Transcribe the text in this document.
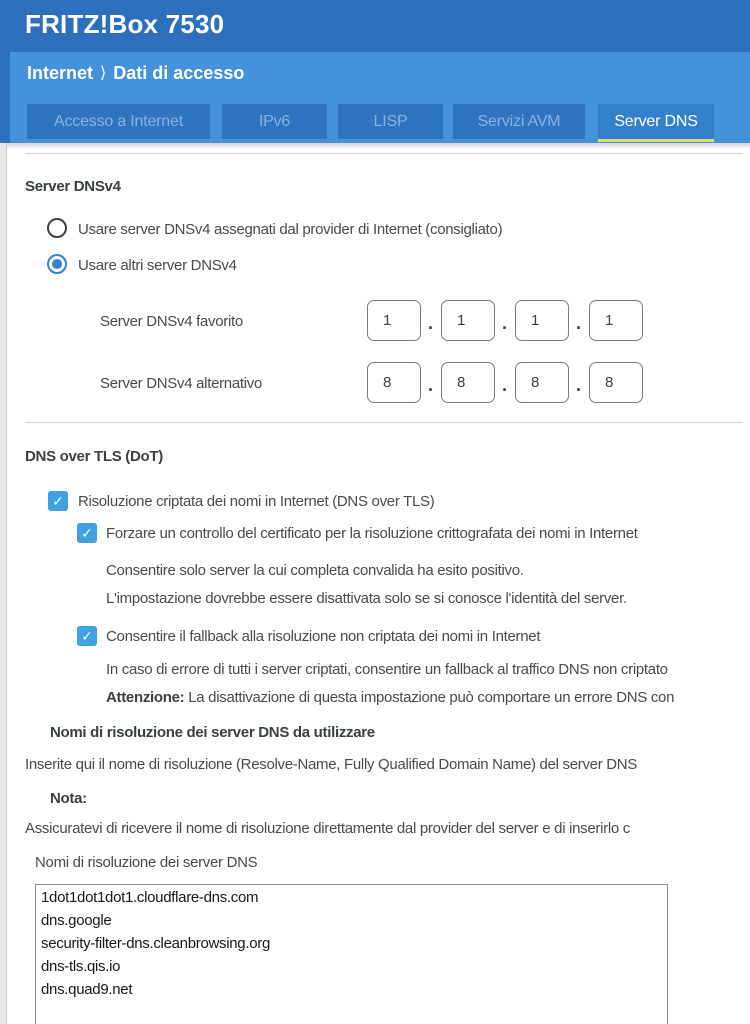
FRITZ!Box 7530
Internet ⟩ Dati di accesso
Accesso a Internet	IPv6	LISP	Servizi AVM	Server DNS
Server DNSv4
Usare server DNSv4 assegnati dal provider di Internet (consigliato)
Usare altri server DNSv4
Server DNSv4 favorito
1	.
1	.
1	.
1
Server DNSv4 alternativo
8	.
8	.
8	.
8
DNS over TLS (DoT)
✓ Risoluzione criptata dei nomi in Internet (DNS over TLS)
✓ Forzare un controllo del certificato per la risoluzione crittografata dei nomi in Internet
Consentire solo server la cui completa convalida ha esito positivo.
L'impostazione dovrebbe essere disattivata solo se si conosce l'identità del server.
✓ Consentire il fallback alla risoluzione non criptata dei nomi in Internet
In caso di errore di tutti i server criptati, consentire un fallback al traffico DNS non criptato
Attenzione: La disattivazione di questa impostazione può comportare un errore DNS con
Nomi di risoluzione dei server DNS da utilizzare
Inserite qui il nome di risoluzione (Resolve-Name, Fully Qualified Domain Name) del server DNS
Nota:
Assicuratevi di ricevere il nome di risoluzione direttamente dal provider del server e di inserirlo c
Nomi di risoluzione dei server DNS
1dot1dot1dot1.cloudflare-dns.com dns.google security-filter-dns.cleanbrowsing.org dns-tls.qis.io dns.quad9.net
